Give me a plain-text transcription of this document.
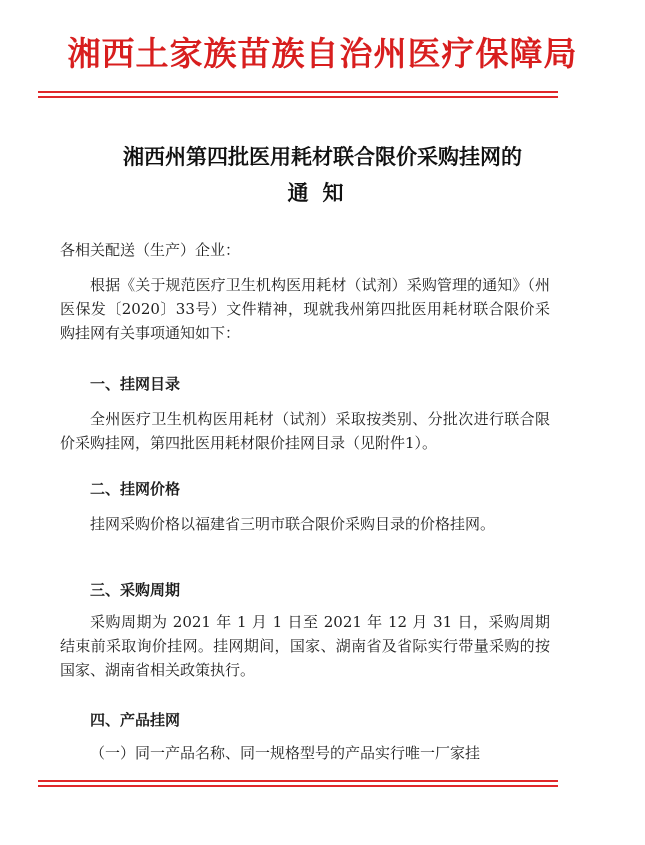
湘西土家族苗族自治州医疗保障局
湘西州第四批医用耗材联合限价采购挂网的
通知

各相关配送（生产）企业：

根据《关于规范医疗卫生机构医用耗材（试剂）采购管理的通知》（州医保发〔2020〕33号）文件精神，现就我州第四批医用耗材联合限价采购挂网有关事项通知如下：

一、挂网目录

全州医疗卫生机构医用耗材（试剂）采取按类别、分批次进行联合限价采购挂网，第四批医用耗材限价挂网目录（见附件1）。

二、挂网价格

挂网采购价格以福建省三明市联合限价采购目录的价格挂网。

三、采购周期

采购周期为 2021 年 1 月 1 日至 2021 年 12 月 31 日，采购周期结束前采取询价挂网。挂网期间，国家、湖南省及省际实行带量采购的按国家、湖南省相关政策执行。

四、产品挂网

（一）同一产品名称、同一规格型号的产品实行唯一厂家挂
